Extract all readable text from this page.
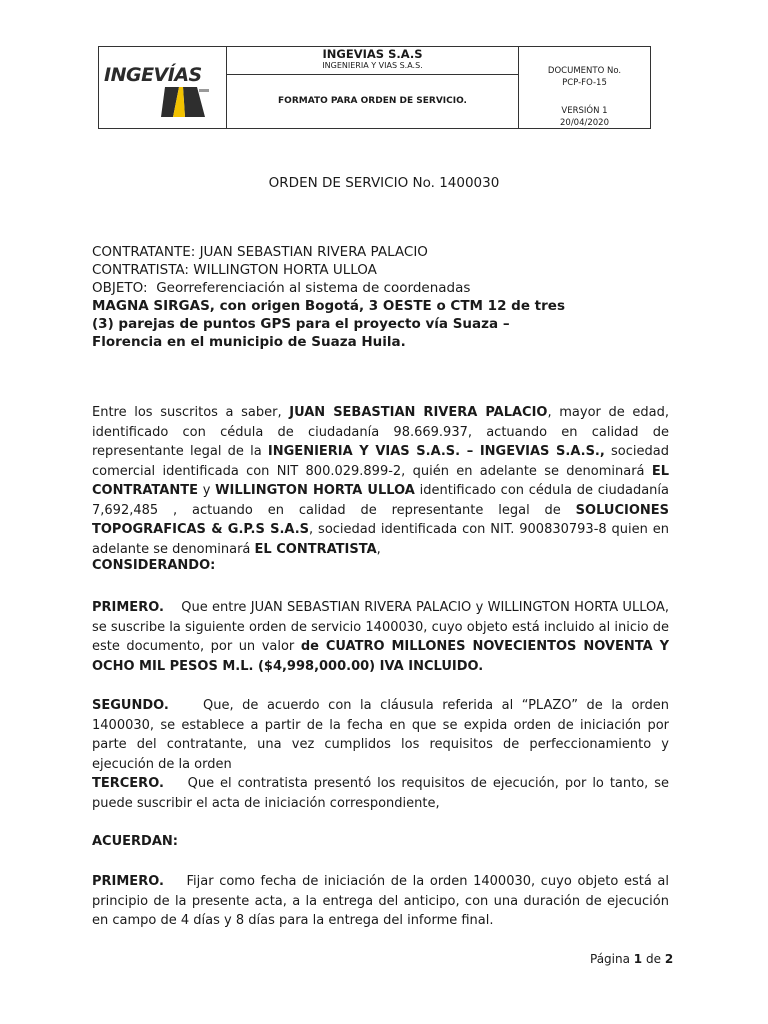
INGEVÍAS
INGEVIAS S.A.S
INGENIERIA Y VIAS S.A.S.
FORMATO PARA ORDEN DE SERVICIO.
DOCUMENTO No.
PCP-FO-15
VERSIÓN 1
20/04/2020
ORDEN DE SERVICIO No. 1400030

CONTRATANTE: JUAN SEBASTIAN RIVERA PALACIO

CONTRATISTA: WILLINGTON HORTA ULLOA

OBJETO: Georreferenciación al sistema de coordenadas

MAGNA SIRGAS, con origen Bogotá, 3 OESTE o CTM 12 de tres (3) parejas de puntos GPS para el proyecto vía Suaza – Florencia en el municipio de Suaza Huila.

Entre los suscritos a saber, JUAN SEBASTIAN RIVERA PALACIO, mayor de edad, identificado con cédula de ciudadanía 98.669.937, actuando en calidad de representante legal de la INGENIERIA Y VIAS S.A.S. – INGEVIAS S.A.S., sociedad comercial identificada con NIT 800.029.899-2, quién en adelante se denominará EL CONTRATANTE y WILLINGTON HORTA ULLOA identificado con cédula de ciudadanía 7,692,485 , actuando en calidad de representante legal de SOLUCIONES TOPOGRAFICAS & G.P.S S.A.S, sociedad identificada con NIT. 900830793-8 quien en adelante se denominará EL CONTRATISTA,

CONSIDERANDO:

PRIMERO. Que entre JUAN SEBASTIAN RIVERA PALACIO y WILLINGTON HORTA ULLOA, se suscribe la siguiente orden de servicio 1400030, cuyo objeto está incluido al inicio de este documento, por un valor de CUATRO MILLONES NOVECIENTOS NOVENTA Y OCHO MIL PESOS M.L. ($4,998,000.00) IVA INCLUIDO.

SEGUNDO.	Que, de acuerdo con la cláusula referida al “PLAZO” de la orden 1400030, se establece a partir de la fecha en que se expida orden de iniciación por parte del contratante, una vez cumplidos los requisitos de perfeccionamiento y ejecución de la orden

TERCERO. Que el contratista presentó los requisitos de ejecución, por lo tanto, se puede suscribir el acta de iniciación correspondiente,

ACUERDAN:

PRIMERO. Fijar como fecha de iniciación de la orden 1400030, cuyo objeto está al principio de la presente acta, a la entrega del anticipo, con una duración de ejecución en campo de 4 días y 8 días para la entrega del informe final.

Página 1 de 2
